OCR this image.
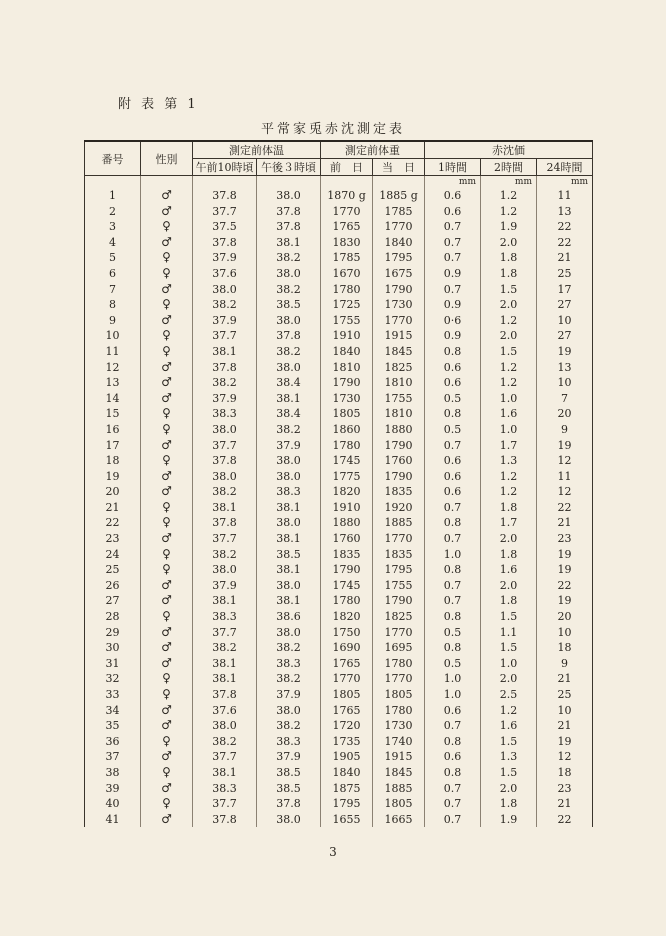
附 表 第 1
平常家兎赤沈測定表
番号	性別	測定前体温		測定前体重		赤沈価		
		午前10時頃	午後３時頃	前　日	当　日	1時間	2時間	24時間
						mm	mm	mm
1	♂	37.8	38.0	1870 g	1885 g	0.6	1.2	11
2	♂	37.7	37.8	1770	1785	0.6	1.2	13
3	♀	37.5	37.8	1765	1770	0.7	1.9	22
4	♂	37.8	38.1	1830	1840	0.7	2.0	22
5	♀	37.9	38.2	1785	1795	0.7	1.8	21
6	♀	37.6	38.0	1670	1675	0.9	1.8	25
7	♂	38.0	38.2	1780	1790	0.7	1.5	17
8	♀	38.2	38.5	1725	1730	0.9	2.0	27
9	♂	37.9	38.0	1755	1770	0·6	1.2	10
10	♀	37.7	37.8	1910	1915	0.9	2.0	27
11	♀	38.1	38.2	1840	1845	0.8	1.5	19
12	♂	37.8	38.0	1810	1825	0.6	1.2	13
13	♂	38.2	38.4	1790	1810	0.6	1.2	10
14	♂	37.9	38.1	1730	1755	0.5	1.0	7
15	♀	38.3	38.4	1805	1810	0.8	1.6	20
16	♀	38.0	38.2	1860	1880	0.5	1.0	9
17	♂	37.7	37.9	1780	1790	0.7	1.7	19
18	♀	37.8	38.0	1745	1760	0.6	1.3	12
19	♂	38.0	38.0	1775	1790	0.6	1.2	11
20	♂	38.2	38.3	1820	1835	0.6	1.2	12
21	♀	38.1	38.1	1910	1920	0.7	1.8	22
22	♀	37.8	38.0	1880	1885	0.8	1.7	21
23	♂	37.7	38.1	1760	1770	0.7	2.0	23
24	♀	38.2	38.5	1835	1835	1.0	1.8	19
25	♀	38.0	38.1	1790	1795	0.8	1.6	19
26	♂	37.9	38.0	1745	1755	0.7	2.0	22
27	♂	38.1	38.1	1780	1790	0.7	1.8	19
28	♀	38.3	38.6	1820	1825	0.8	1.5	20
29	♂	37.7	38.0	1750	1770	0.5	1.1	10
30	♂	38.2	38.2	1690	1695	0.8	1.5	18
31	♂	38.1	38.3	1765	1780	0.5	1.0	9
32	♀	38.1	38.2	1770	1770	1.0	2.0	21
33	♀	37.8	37.9	1805	1805	1.0	2.5	25
34	♂	37.6	38.0	1765	1780	0.6	1.2	10
35	♂	38.0	38.2	1720	1730	0.7	1.6	21
36	♀	38.2	38.3	1735	1740	0.8	1.5	19
37	♂	37.7	37.9	1905	1915	0.6	1.3	12
38	♀	38.1	38.5	1840	1845	0.8	1.5	18
39	♂	38.3	38.5	1875	1885	0.7	2.0	23
40	♀	37.7	37.8	1795	1805	0.7	1.8	21
41	♂	37.8	38.0	1655	1665	0.7	1.9	22
3
